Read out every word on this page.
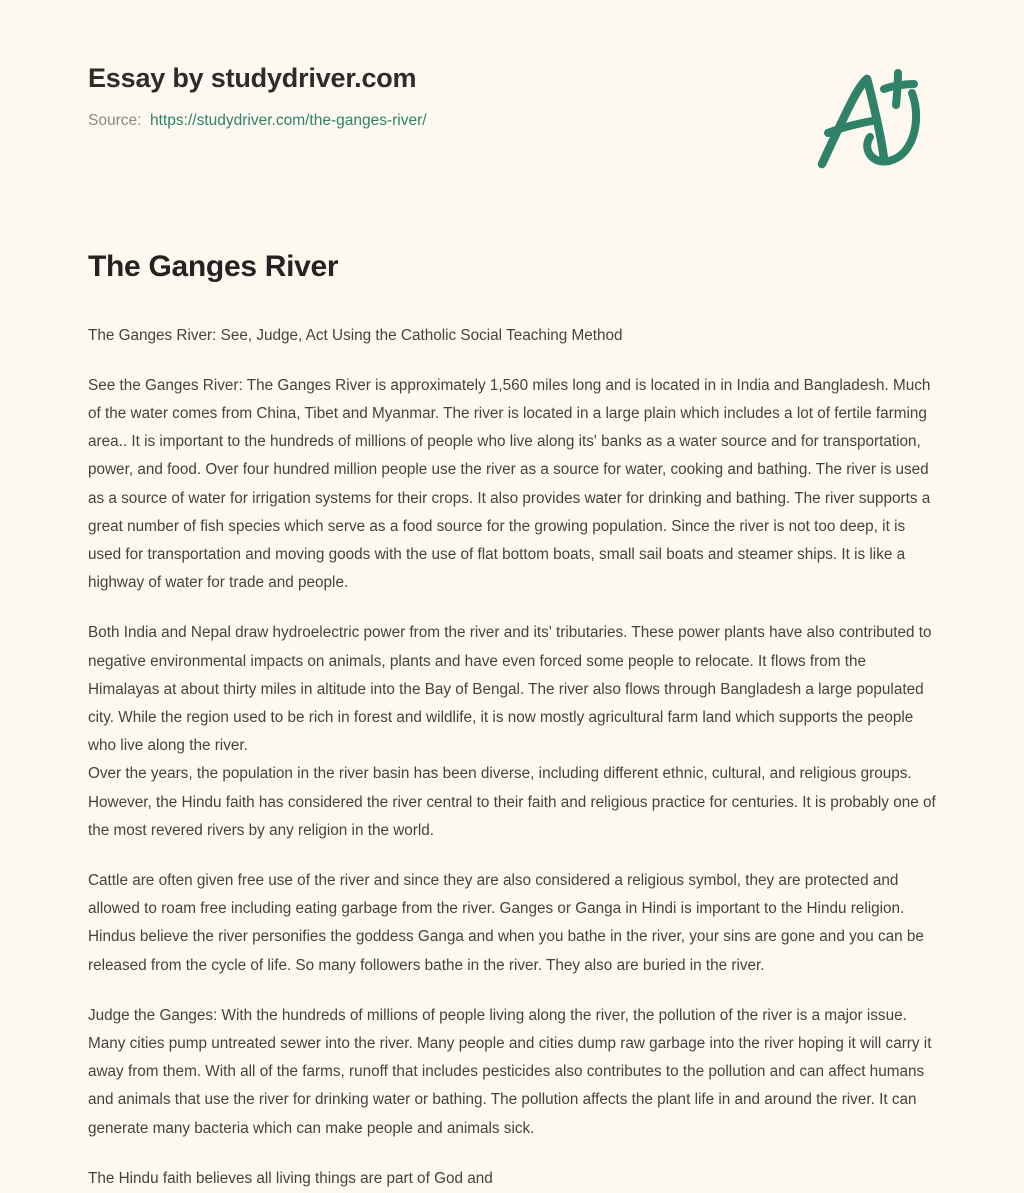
Essay by studydriver.com
Source: https://studydriver.com/the-ganges-river/
The Ganges River

The Ganges River: See, Judge, Act Using the Catholic Social Teaching Method

See the Ganges River: The Ganges River is approximately 1,560 miles long and is located in in India and Bangladesh. Much of the water comes from China, Tibet and Myanmar. The river is located in a large plain which includes a lot of fertile farming area.. It is important to the hundreds of millions of people who live along its' banks as a water source and for transportation, power, and food. Over four hundred million people use the river as a source for water, cooking and bathing. The river is used as a source of water for irrigation systems for their crops. It also provides water for drinking and bathing. The river supports a great number of fish species which serve as a food source for the growing population. Since the river is not too deep, it is used for transportation and moving goods with the use of flat bottom boats, small sail boats and steamer ships. It is like a highway of water for trade and people.

Both India and Nepal draw hydroelectric power from the river and its' tributaries. These power plants have also contributed to negative environmental impacts on animals, plants and have even forced some people to relocate. It flows from the Himalayas at about thirty miles in altitude into the Bay of Bengal. The river also flows through Bangladesh a large populated city. While the region used to be rich in forest and wildlife, it is now mostly agricultural farm land which supports the people who live along the river.

Over the years, the population in the river basin has been diverse, including different ethnic, cultural, and religious groups. However, the Hindu faith has considered the river central to their faith and religious practice for centuries. It is probably one of the most revered rivers by any religion in the world.

Cattle are often given free use of the river and since they are also considered a religious symbol, they are protected and allowed to roam free including eating garbage from the river. Ganges or Ganga in Hindi is important to the Hindu religion. Hindus believe the river personifies the goddess Ganga and when you bathe in the river, your sins are gone and you can be released from the cycle of life. So many followers bathe in the river. They also are buried in the river.

Judge the Ganges: With the hundreds of millions of people living along the river, the pollution of the river is a major issue. Many cities pump untreated sewer into the river. Many people and cities dump raw garbage into the river hoping it will carry it away from them. With all of the farms, runoff that includes pesticides also contributes to the pollution and can affect humans and animals that use the river for drinking water or bathing. The pollution affects the plant life in and around the river. It can generate many bacteria which can make people and animals sick.

The Hindu faith believes all living things are part of God and
